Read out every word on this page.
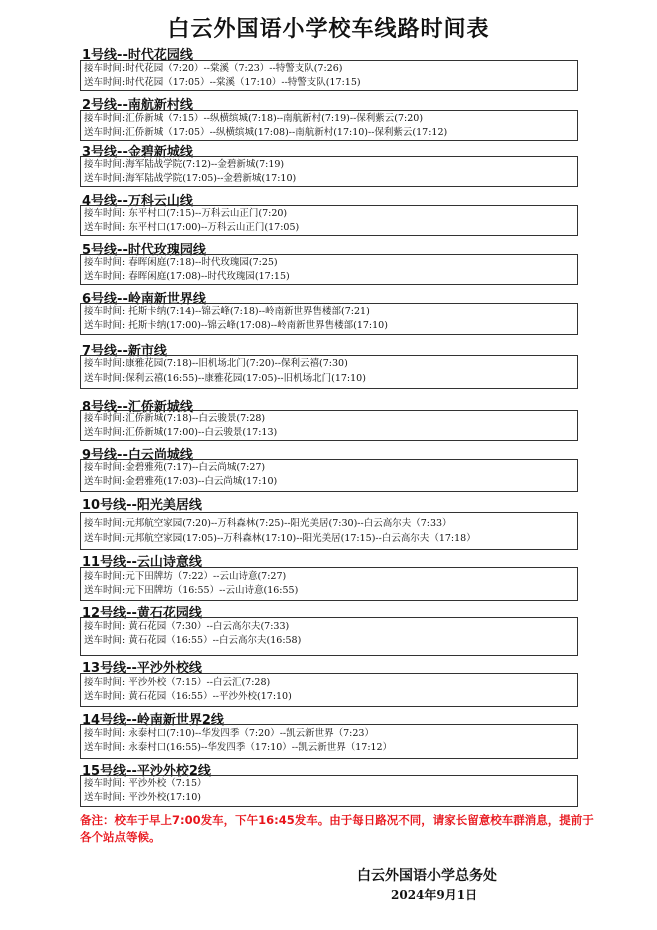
白云外国语小学校车线路时间表
1号线--时代花园线
接车时间:时代花园（7:20）--棠溪（7:23）--特警支队(7:26)
送车时间:时代花园（17:05）--棠溪（17:10）--特警支队(17:15)
2号线--南航新村线
接车时间:汇侨新城（7:15）--纵横缤城(7:18)--南航新村(7:19)--保利紫云(7:20)
送车时间:汇侨新城（17:05）--纵横缤城(17:08)--南航新村(17:10)--保利紫云(17:12)
3号线--金碧新城线
接车时间:海军陆战学院(7:12)--金碧新城(7:19)
送车时间:海军陆战学院(17:05)--金碧新城(17:10)
4号线--万科云山线
接车时间: 东平村口(7:15)--万科云山正门(7:20)
送车时间: 东平村口(17:00)--万科云山正门(17:05)
5号线--时代玫瑰园线
接车时间: 春晖闲庭(7:18)--时代玫瑰园(7:25)
送车时间: 春晖闲庭(17:08)--时代玫瑰园(17:15)
6号线--岭南新世界线
接车时间: 托斯卡纳(7:14)--锦云峰(7:18)--岭南新世界售楼部(7:21)
送车时间: 托斯卡纳(17:00)--锦云峰(17:08)--岭南新世界售楼部(17:10)
7号线--新市线
接车时间:康雅花园(7:18)--旧机场北门(7:20)--保利云禧(7:30)
送车时间:保利云禧(16:55)--康雅花园(17:05)--旧机场北门(17:10)
8号线--汇侨新城线
接车时间:汇侨新城(7:18)--白云骏景(7:28)
送车时间:汇侨新城(17:00)--白云骏景(17:13)
9号线--白云尚城线
接车时间:金碧雅苑(7:17)--白云尚城(7:27)
送车时间:金碧雅苑(17:03)--白云尚城(17:10)
10号线--阳光美居线
接车时间:元邦航空家园(7:20)--万科森林(7:25)--阳光美居(7:30)--白云高尔夫（7:33）
送车时间:元邦航空家园(17:05)--万科森林(17:10)--阳光美居(17:15)--白云高尔夫（17:18）
11号线--云山诗意线
接车时间:元下田牌坊（7:22）--云山诗意(7:27)
送车时间:元下田牌坊（16:55）--云山诗意(16:55)
12号线--黄石花园线
接车时间: 黄石花园（7:30）--白云高尔夫(7:33)
送车时间: 黄石花园（16:55）--白云高尔夫(16:58)
13号线--平沙外校线
接车时间: 平沙外校（7:15）--白云汇(7:28)
送车时间: 黄石花园（16:55）--平沙外校(17:10)
14号线--岭南新世界2线
接车时间: 永泰村口(7:10)--华发四季（7:20）--凯云新世界（7:23）
送车时间: 永泰村口(16:55)--华发四季（17:10）--凯云新世界（17:12）
15号线--平沙外校2线
接车时间: 平沙外校（7:15）
送车时间: 平沙外校(17:10)
备注：校车于早上7:00发车，下午16:45发车。由于每日路况不同，请家长留意校车群消息，提前于各个站点等候。
白云外国语小学总务处
2024年9月1日
